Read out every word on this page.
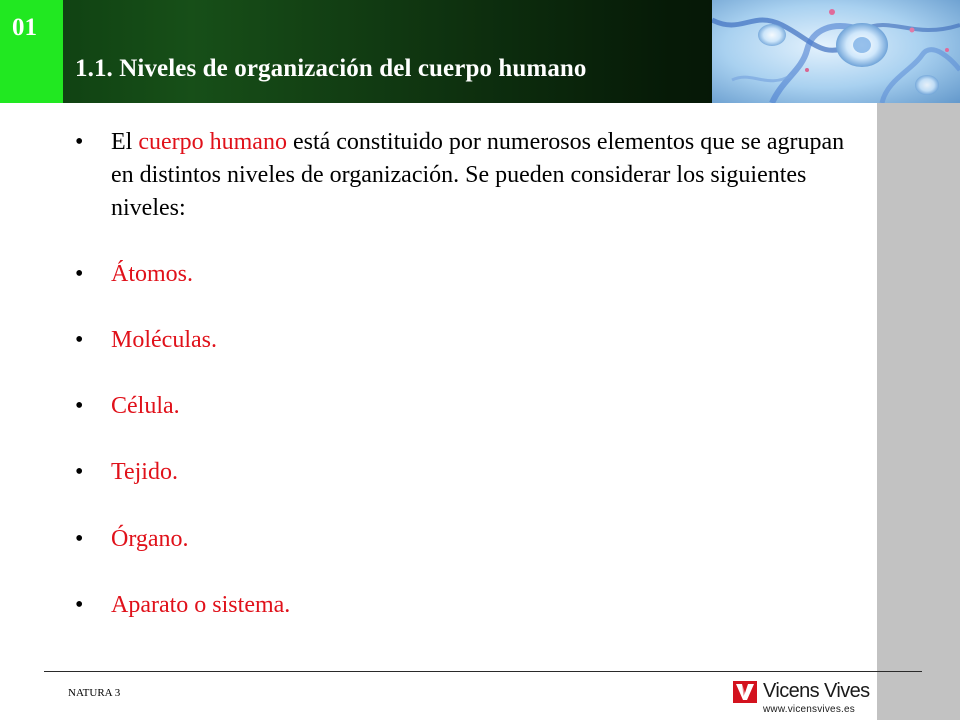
01
1.1. Niveles de organización del cuerpo humano
•	El cuerpo humano está constituido por numerosos elementos que se agrupan en distintos niveles de organización. Se pueden considerar los siguientes niveles:
•	Átomos.
•	Moléculas.
•	Célula.
•	Tejido.
•	Órgano.
•	Aparato o sistema.
NATURA 3	Vicens Vives
www.vicensvives.es
